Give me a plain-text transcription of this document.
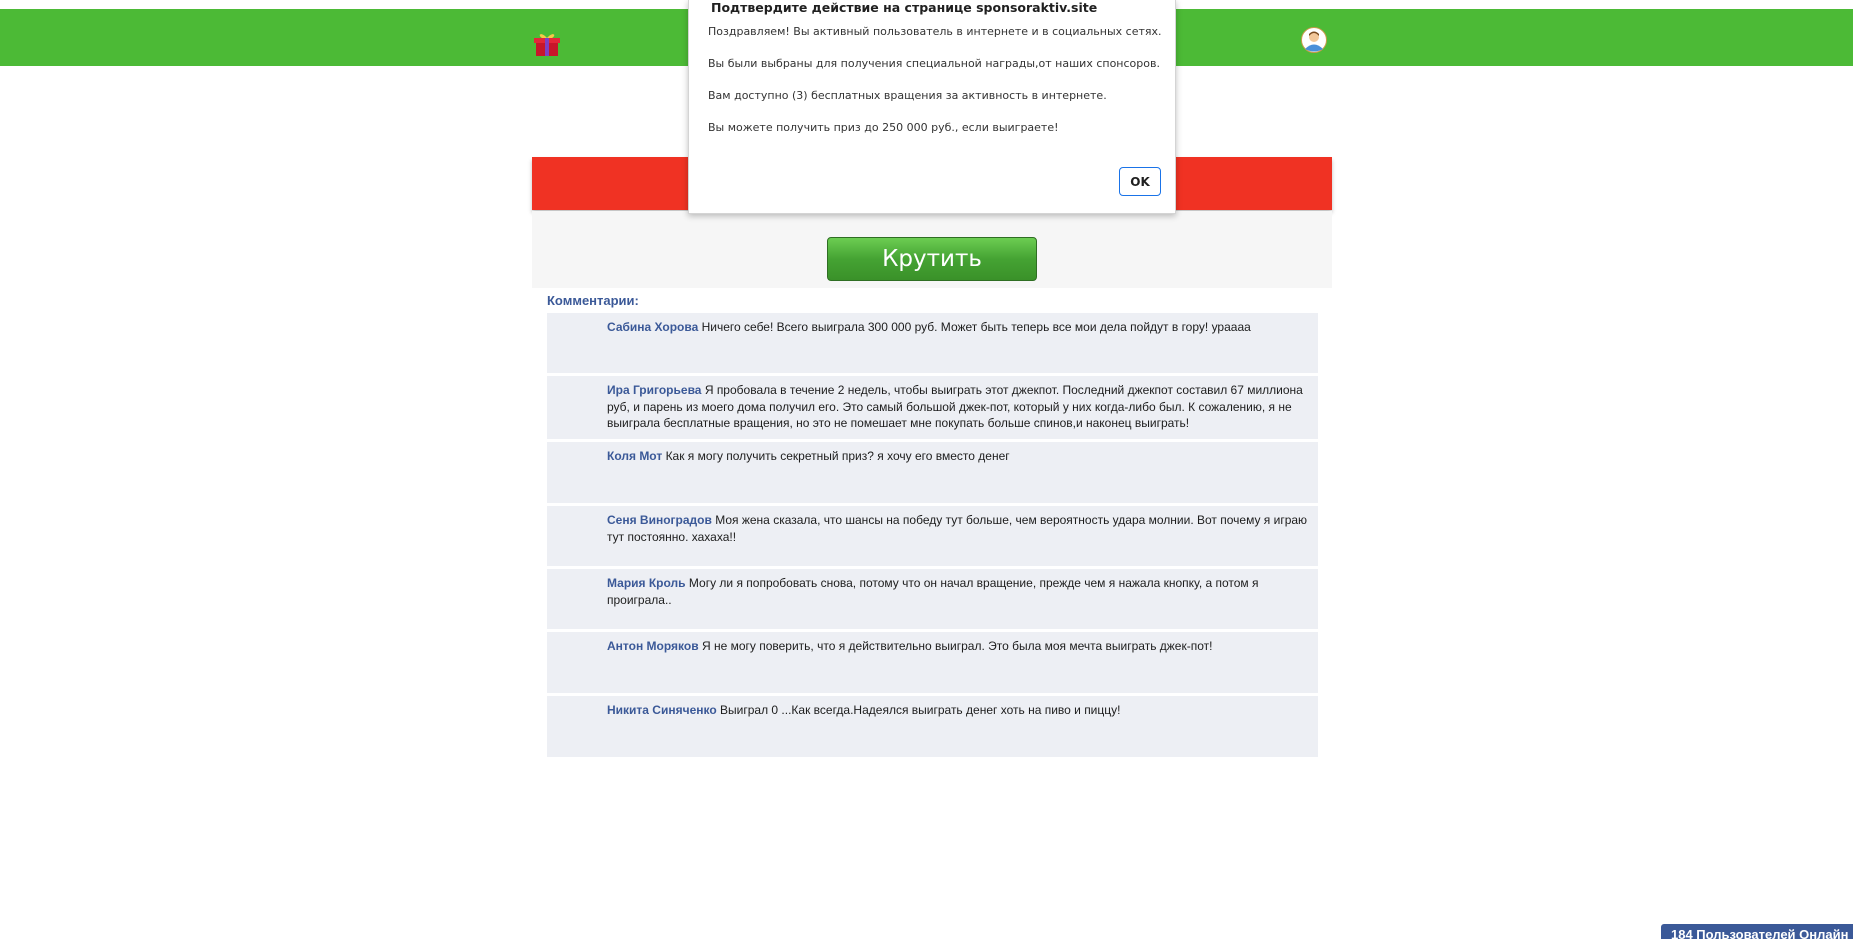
Крутить
Комментарии:
Сабина Хорова Ничего себе! Всего выиграла 300 000 руб. Может быть теперь все мои дела пойдут в гору! ураааа
Ира Григорьева Я пробовала в течение 2 недель, чтобы выиграть этот джекпот. Последний джекпот составил 67 миллиона руб, и парень из моего дома получил его. Это самый большой джек-пот, который у них когда-либо был. К сожалению, я не выиграла бесплатные вращения, но это не помешает мне покупать больше спинов,и наконец выиграть!
Коля Мот Как я могу получить секретный приз? я хочу его вместо денег
Сеня Виноградов Моя жена сказала, что шансы на победу тут больше, чем вероятность удара молнии. Вот почему я играю тут постоянно. хахаха!!
Мария Кроль Могу ли я попробовать снова, потому что он начал вращение, прежде чем я нажала кнопку, а потом я проиграла..
Антон Моряков Я не могу поверить, что я действительно выиграл. Это была моя мечта выиграть джек-пот!
Никита Синяченко Выиграл 0 ...Как всегда.Надеялся выиграть денег хоть на пиво и пиццу!
184 Пользователей Онлайн
Подтвердите действие на странице sponsoraktiv.site
Поздравляем! Вы активный пользователь в интернете и в социальных сетях.
Вы были выбраны для получения специальной награды,от наших спонсоров.
Вам доступно (3) бесплатных вращения за активность в интернете.
Вы можете получить приз до 250 000 руб., если выиграете!
OK
